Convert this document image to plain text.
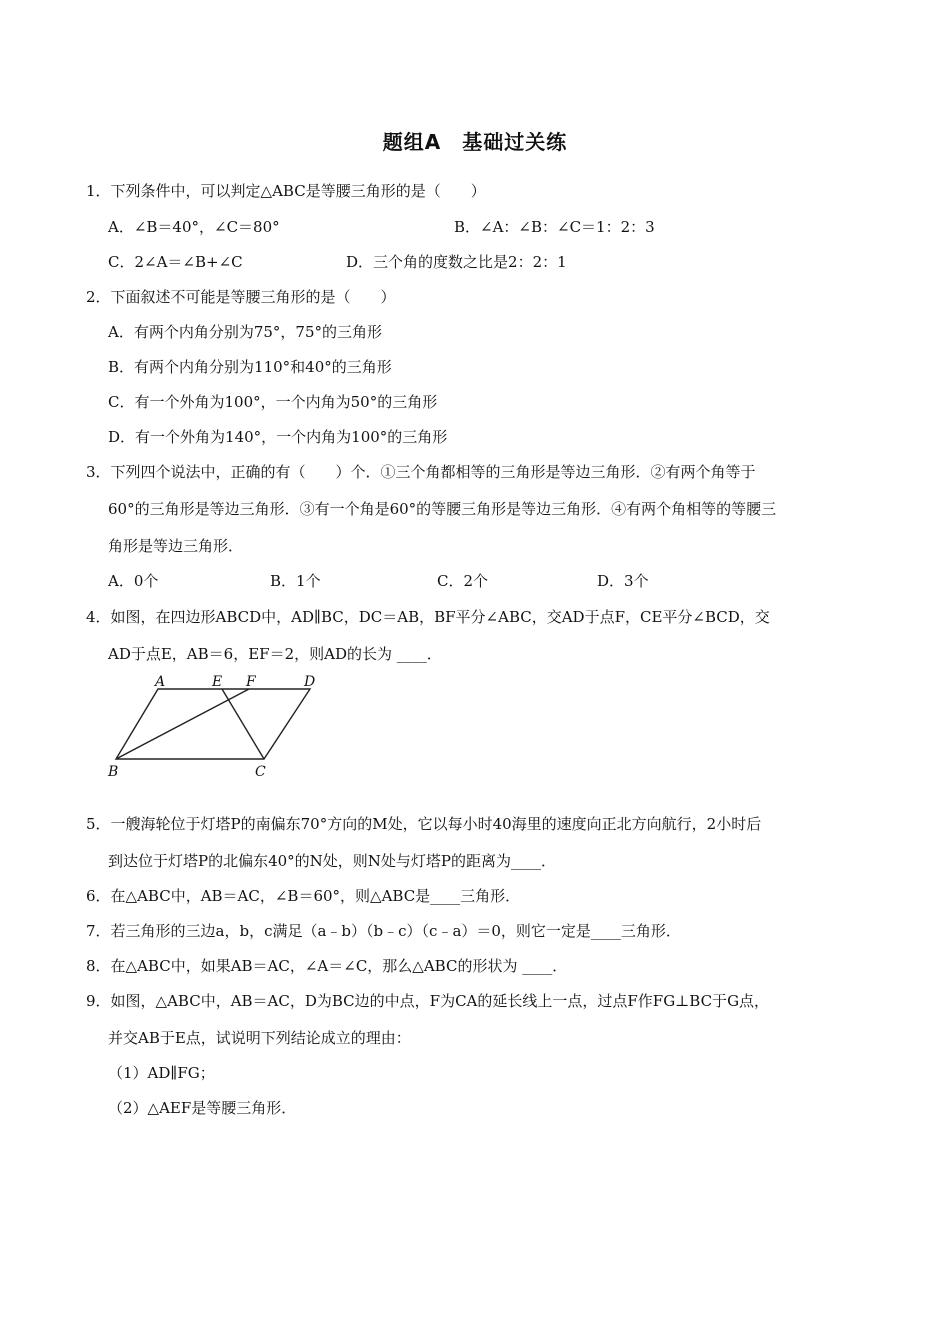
题组A　基础过关练
1．下列条件中，可以判定△ABC是等腰三角形的是（　　）
A．∠B＝40°，∠C＝80°	B．∠A：∠B：∠C＝1：2：3
C．2∠A＝∠B+∠C	D．三个角的度数之比是2：2：1
2．下面叙述不可能是等腰三角形的是（　　）
A．有两个内角分别为75°，75°的三角形
B．有两个内角分别为110°和40°的三角形
C．有一个外角为100°，一个内角为50°的三角形
D．有一个外角为140°，一个内角为100°的三角形
3．下列四个说法中，正确的有（　　）个．①三个角都相等的三角形是等边三角形．②有两个角等于
60°的三角形是等边三角形．③有一个角是60°的等腰三角形是等边三角形．④有两个角相等的等腰三
角形是等边三角形．
A．0个	B．1个	C．2个	D．3个
4．如图，在四边形ABCD中，AD∥BC，DC＝AB，BF平分∠ABC，交AD于点F，CE平分∠BCD，交
AD于点E，AB＝6，EF＝2，则AD的长为 ____．
A	E F	D
B	C
5．一艘海轮位于灯塔P的南偏东70°方向的M处，它以每小时40海里的速度向正北方向航行，2小时后
到达位于灯塔P的北偏东40°的N处，则N处与灯塔P的距离为____．
6．在△ABC中，AB＝AC，∠B＝60°，则△ABC是____三角形．
7．若三角形的三边a，b，c满足（a﹣b）（b﹣c）（c﹣a）＝0，则它一定是____三角形．
8．在△ABC中，如果AB＝AC，∠A＝∠C，那么△ABC的形状为 ____．
9．如图，△ABC中，AB＝AC，D为BC边的中点，F为CA的延长线上一点，过点F作FG⊥BC于G点，
并交AB于E点，试说明下列结论成立的理由：
（1）AD∥FG；
（2）△AEF是等腰三角形．
